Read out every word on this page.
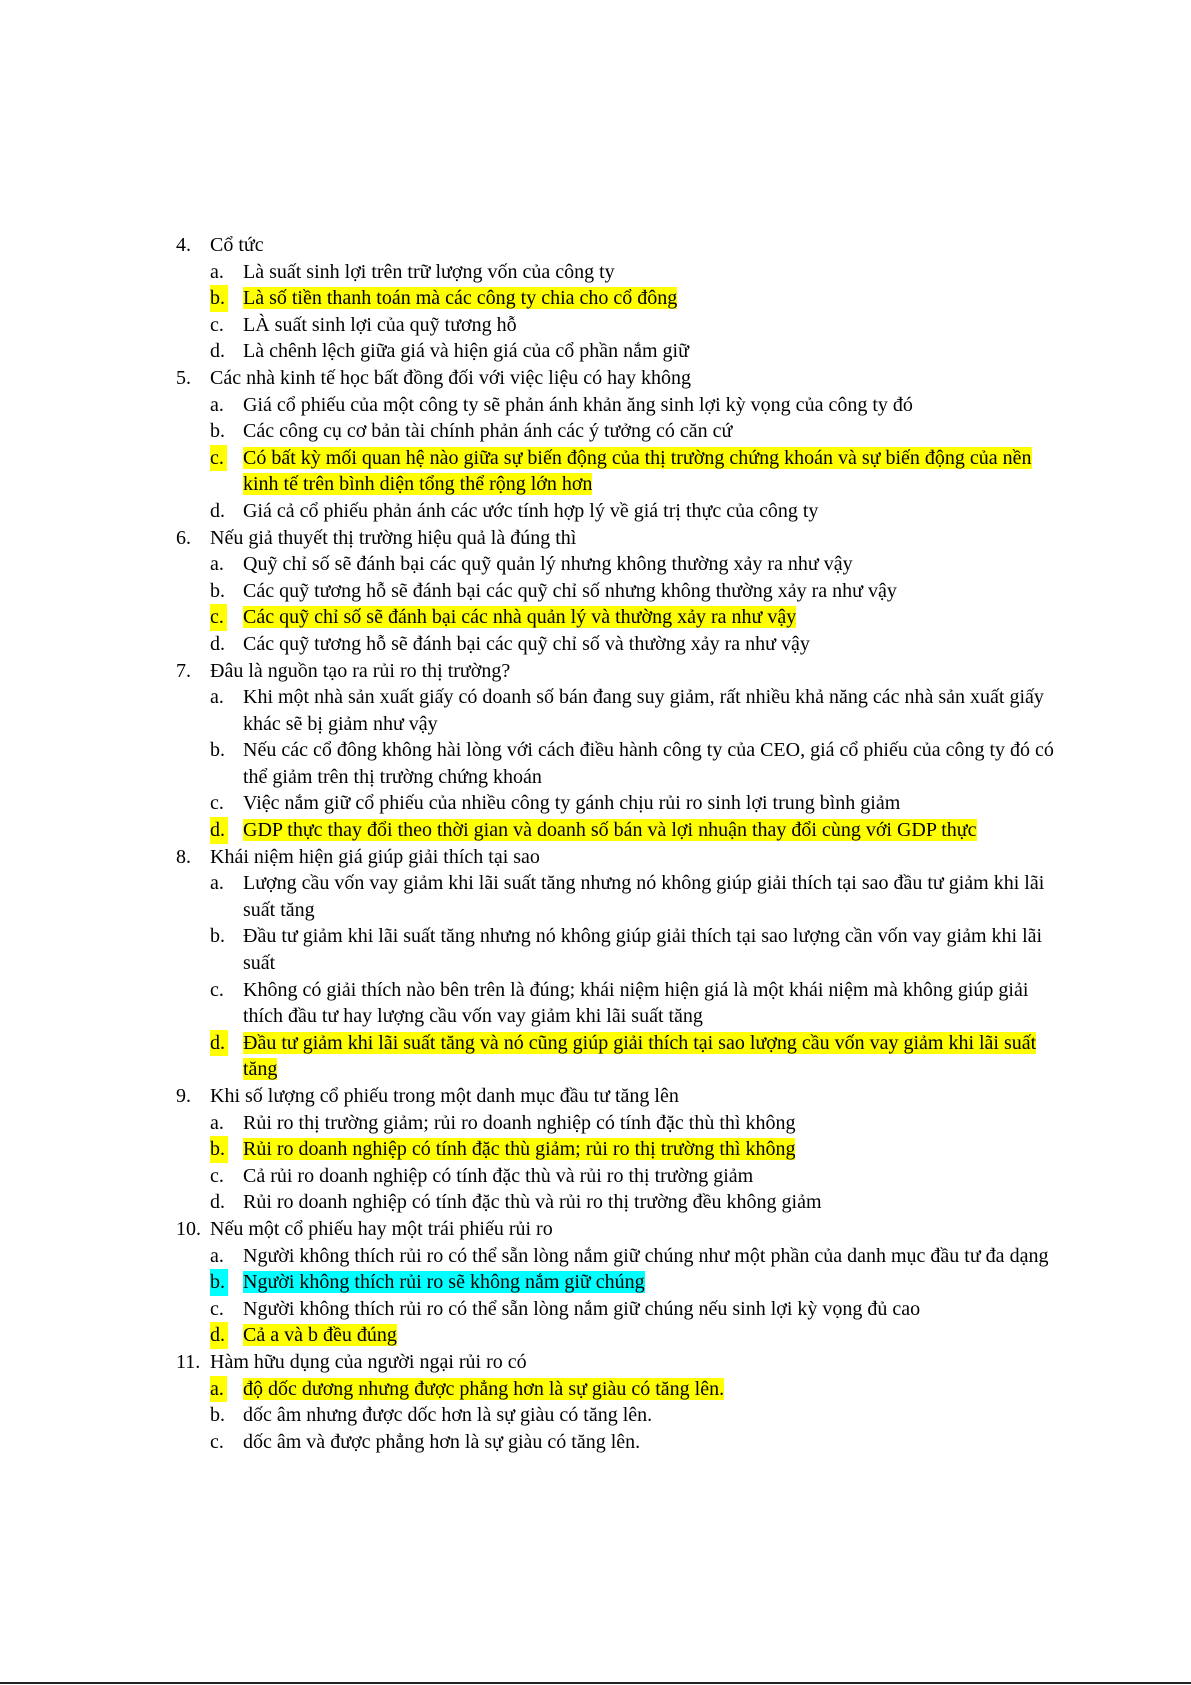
4. Cổ tức
a. Là suất sinh lợi trên trữ lượng vốn của công ty
b. Là số tiền thanh toán mà các công ty chia cho cổ đông
c. LÀ suất sinh lợi của quỹ tương hỗ
d. Là chênh lệch giữa giá và hiện giá của cổ phần nắm giữ
5. Các nhà kinh tế học bất đồng đối với việc liệu có hay không
a. Giá cổ phiếu của một công ty sẽ phản ánh khản ăng sinh lợi kỳ vọng của công ty đó
b. Các công cụ cơ bản tài chính phản ánh các ý tưởng có căn cứ
c. Có bất kỳ mối quan hệ nào giữa sự biến động của thị trường chứng khoán và sự biến động của nền kinh tế trên bình diện tổng thể rộng lớn hơn
d. Giá cả cổ phiếu phản ánh các ước tính hợp lý về giá trị thực của công ty
6. Nếu giả thuyết thị trường hiệu quả là đúng thì
a. Quỹ chỉ số sẽ đánh bại các quỹ quản lý nhưng không thường xảy ra như vậy
b. Các quỹ tương hỗ sẽ đánh bại các quỹ chỉ số nhưng không thường xảy ra như vậy
c. Các quỹ chỉ số sẽ đánh bại các nhà quản lý và thường xảy ra như vậy
d. Các quỹ tương hỗ sẽ đánh bại các quỹ chỉ số và thường xảy ra như vậy
7. Đâu là nguồn tạo ra rủi ro thị trường?
a. Khi một nhà sản xuất giấy có doanh số bán đang suy giảm, rất nhiều khả năng các nhà sản xuất giấy khác sẽ bị giảm như vậy
b. Nếu các cổ đông không hài lòng với cách điều hành công ty của CEO, giá cổ phiếu của công ty đó có thể giảm trên thị trường chứng khoán
c. Việc nắm giữ cổ phiếu của nhiều công ty gánh chịu rủi ro sinh lợi trung bình giảm
d. GDP thực thay đổi theo thời gian và doanh số bán và lợi nhuận thay đổi cùng với GDP thực
8. Khái niệm hiện giá giúp giải thích tại sao
a. Lượng cầu vốn vay giảm khi lãi suất tăng nhưng nó không giúp giải thích tại sao đầu tư giảm khi lãi suất tăng
b. Đầu tư giảm khi lãi suất tăng nhưng nó không giúp giải thích tại sao lượng cần vốn vay giảm khi lãi suất
c. Không có giải thích nào bên trên là đúng; khái niệm hiện giá là một khái niệm mà không giúp giải thích đầu tư hay lượng cầu vốn vay giảm khi lãi suất tăng
d. Đầu tư giảm khi lãi suất tăng và nó cũng giúp giải thích tại sao lượng cầu vốn vay giảm khi lãi suất tăng
9. Khi số lượng cổ phiếu trong một danh mục đầu tư tăng lên
a. Rủi ro thị trường giảm; rủi ro doanh nghiệp có tính đặc thù thì không
b. Rủi ro doanh nghiệp có tính đặc thù giảm; rủi ro thị trường thì không
c. Cả rủi ro doanh nghiệp có tính đặc thù và rủi ro thị trường giảm
d. Rủi ro doanh nghiệp có tính đặc thù và rủi ro thị trường đều không giảm
10. Nếu một cổ phiếu hay một trái phiếu rủi ro
a. Người không thích rủi ro có thể sẵn lòng nắm giữ chúng như một phần của danh mục đầu tư đa dạng
b. Người không thích rủi ro sẽ không nắm giữ chúng
c. Người không thích rủi ro có thể sẵn lòng nắm giữ chúng nếu sinh lợi kỳ vọng đủ cao
d. Cả a và b đều đúng
11. Hàm hữu dụng của người ngại rủi ro có
a. độ dốc dương nhưng được phẳng hơn là sự giàu có tăng lên.
b. dốc âm nhưng được dốc hơn là sự giàu có tăng lên.
c. dốc âm và được phẳng hơn là sự giàu có tăng lên.
